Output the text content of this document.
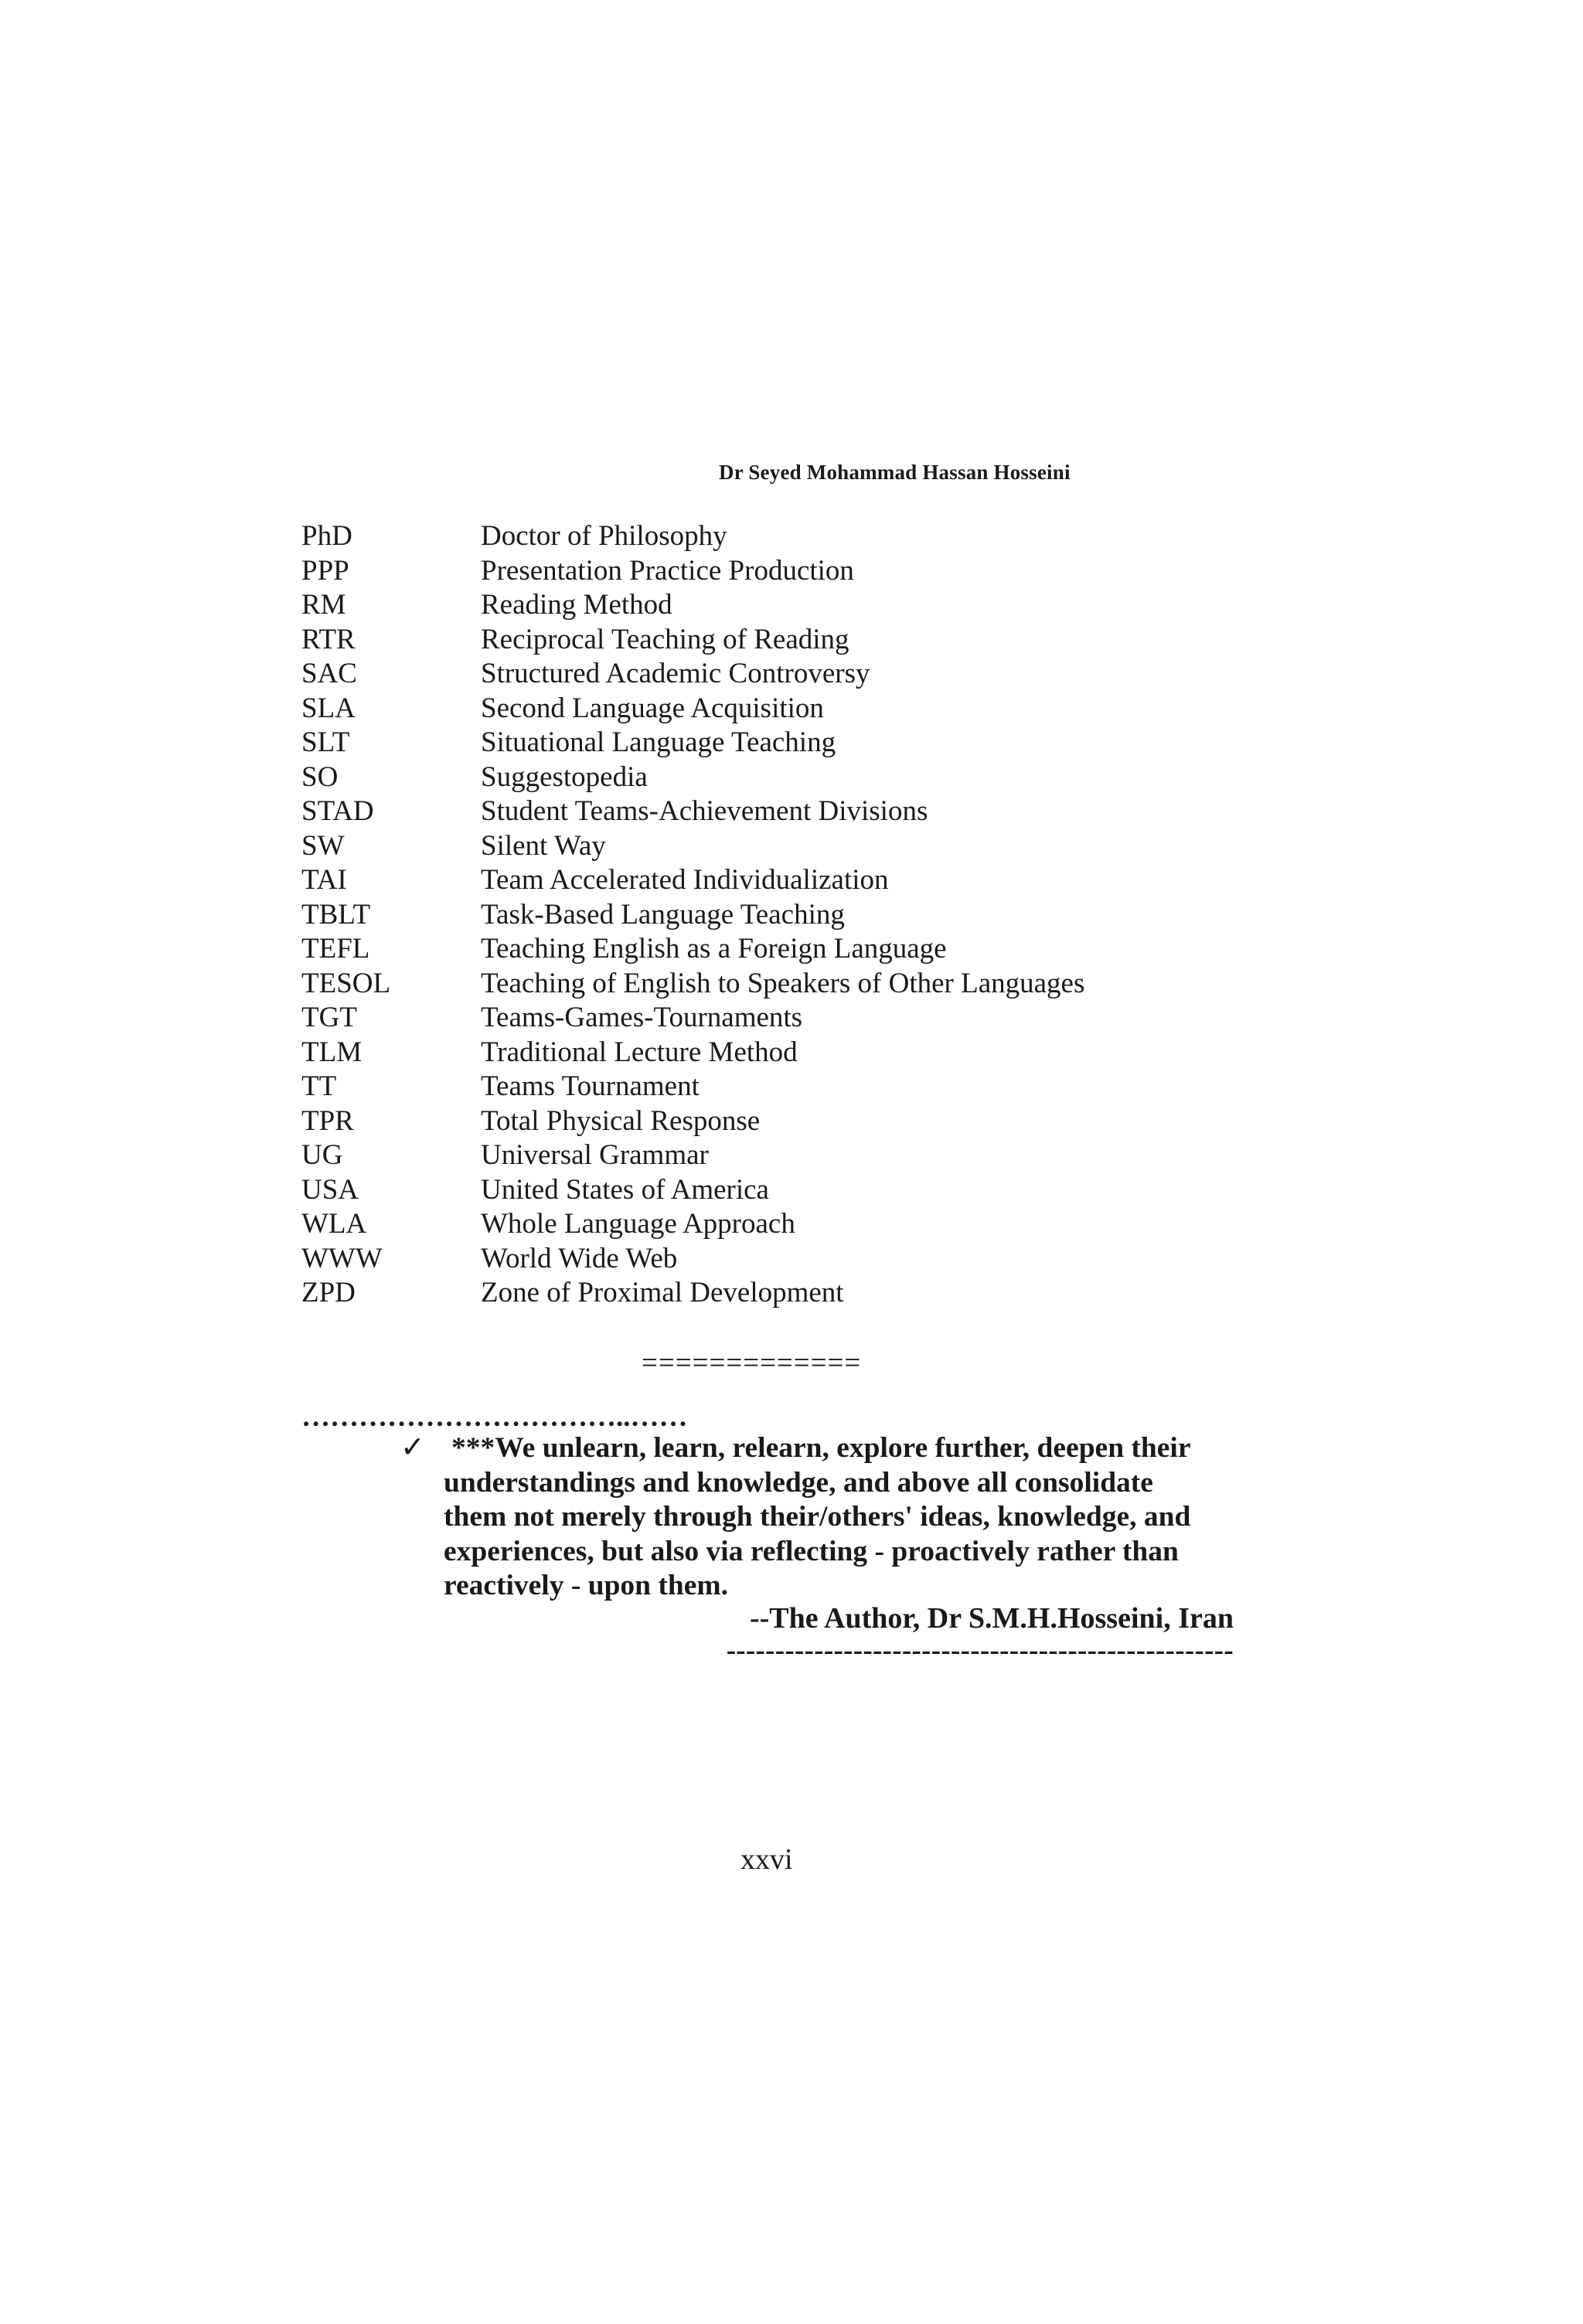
Dr Seyed Mohammad Hassan Hosseini
PhD	Doctor of Philosophy
PPP	Presentation Practice Production
RM	Reading Method
RTR	Reciprocal Teaching of Reading
SAC	Structured Academic Controversy
SLA	Second Language Acquisition
SLT	Situational Language Teaching
SO	Suggestopedia
STAD	Student Teams-Achievement Divisions
SW	Silent Way
TAI	Team Accelerated Individualization
TBLT	Task-Based Language Teaching
TEFL	Teaching English as a Foreign Language
TESOL	Teaching of English to Speakers of Other Languages
TGT	Teams-Games-Tournaments
TLM	Traditional Lecture Method
TT	Teams Tournament
TPR	Total Physical Response
UG	Universal Grammar
USA	United States of America
WLA	Whole Language Approach
WWW	World Wide Web
ZPD	Zone of Proximal Development
=============
……………………………..……
✓ ***We unlearn, learn, relearn, explore further, deepen their
understandings and knowledge, and above all consolidate
them not merely through their/others' ideas, knowledge, and
experiences, but also via reflecting - proactively rather than
reactively - upon them.
--The Author, Dr S.M.H.Hosseini, Iran
----------------------------------------------------
xxvi
